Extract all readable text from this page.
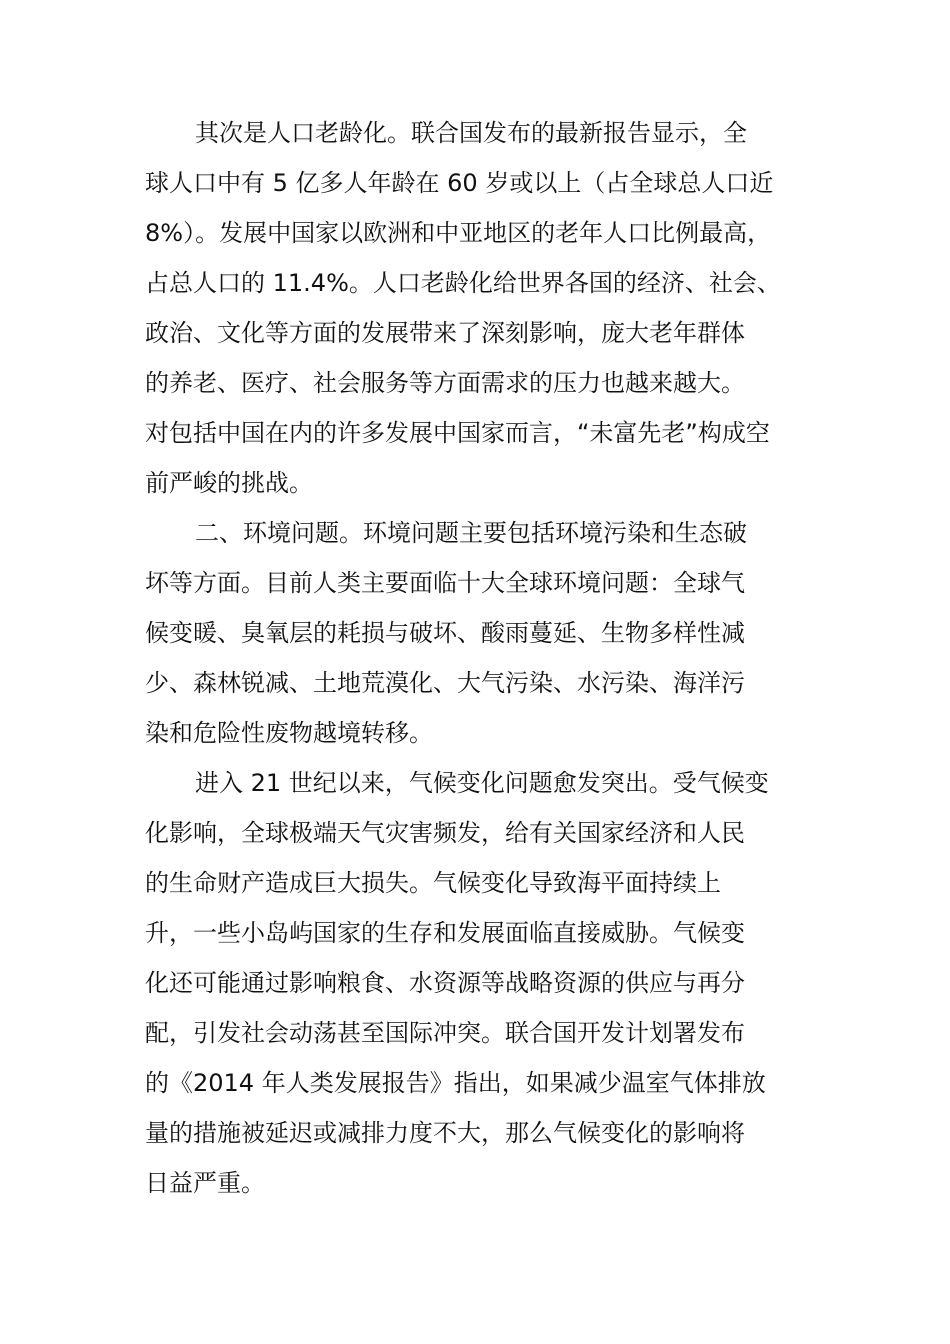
其次是人口老龄化。联合国发布的最新报告显示，全
球人口中有 5 亿多人年龄在 60 岁或以上（占全球总人口近
8%）。发展中国家以欧洲和中亚地区的老年人口比例最高，
占总人口的 11.4%。人口老龄化给世界各国的经济、社会、
政治、文化等方面的发展带来了深刻影响，庞大老年群体
的养老、医疗、社会服务等方面需求的压力也越来越大。
对包括中国在内的许多发展中国家而言，“未富先老”构成空
前严峻的挑战。
二、环境问题。环境问题主要包括环境污染和生态破
坏等方面。目前人类主要面临十大全球环境问题：全球气
候变暖、臭氧层的耗损与破坏、酸雨蔓延、生物多样性减
少、森林锐减、土地荒漠化、大气污染、水污染、海洋污
染和危险性废物越境转移。
进入 21 世纪以来，气候变化问题愈发突出。受气候变
化影响，全球极端天气灾害频发，给有关国家经济和人民
的生命财产造成巨大损失。气候变化导致海平面持续上
升，一些小岛屿国家的生存和发展面临直接威胁。气候变
化还可能通过影响粮食、水资源等战略资源的供应与再分
配，引发社会动荡甚至国际冲突。联合国开发计划署发布
的《2014 年人类发展报告》指出，如果减少温室气体排放
量的措施被延迟或减排力度不大，那么气候变化的影响将
日益严重。
